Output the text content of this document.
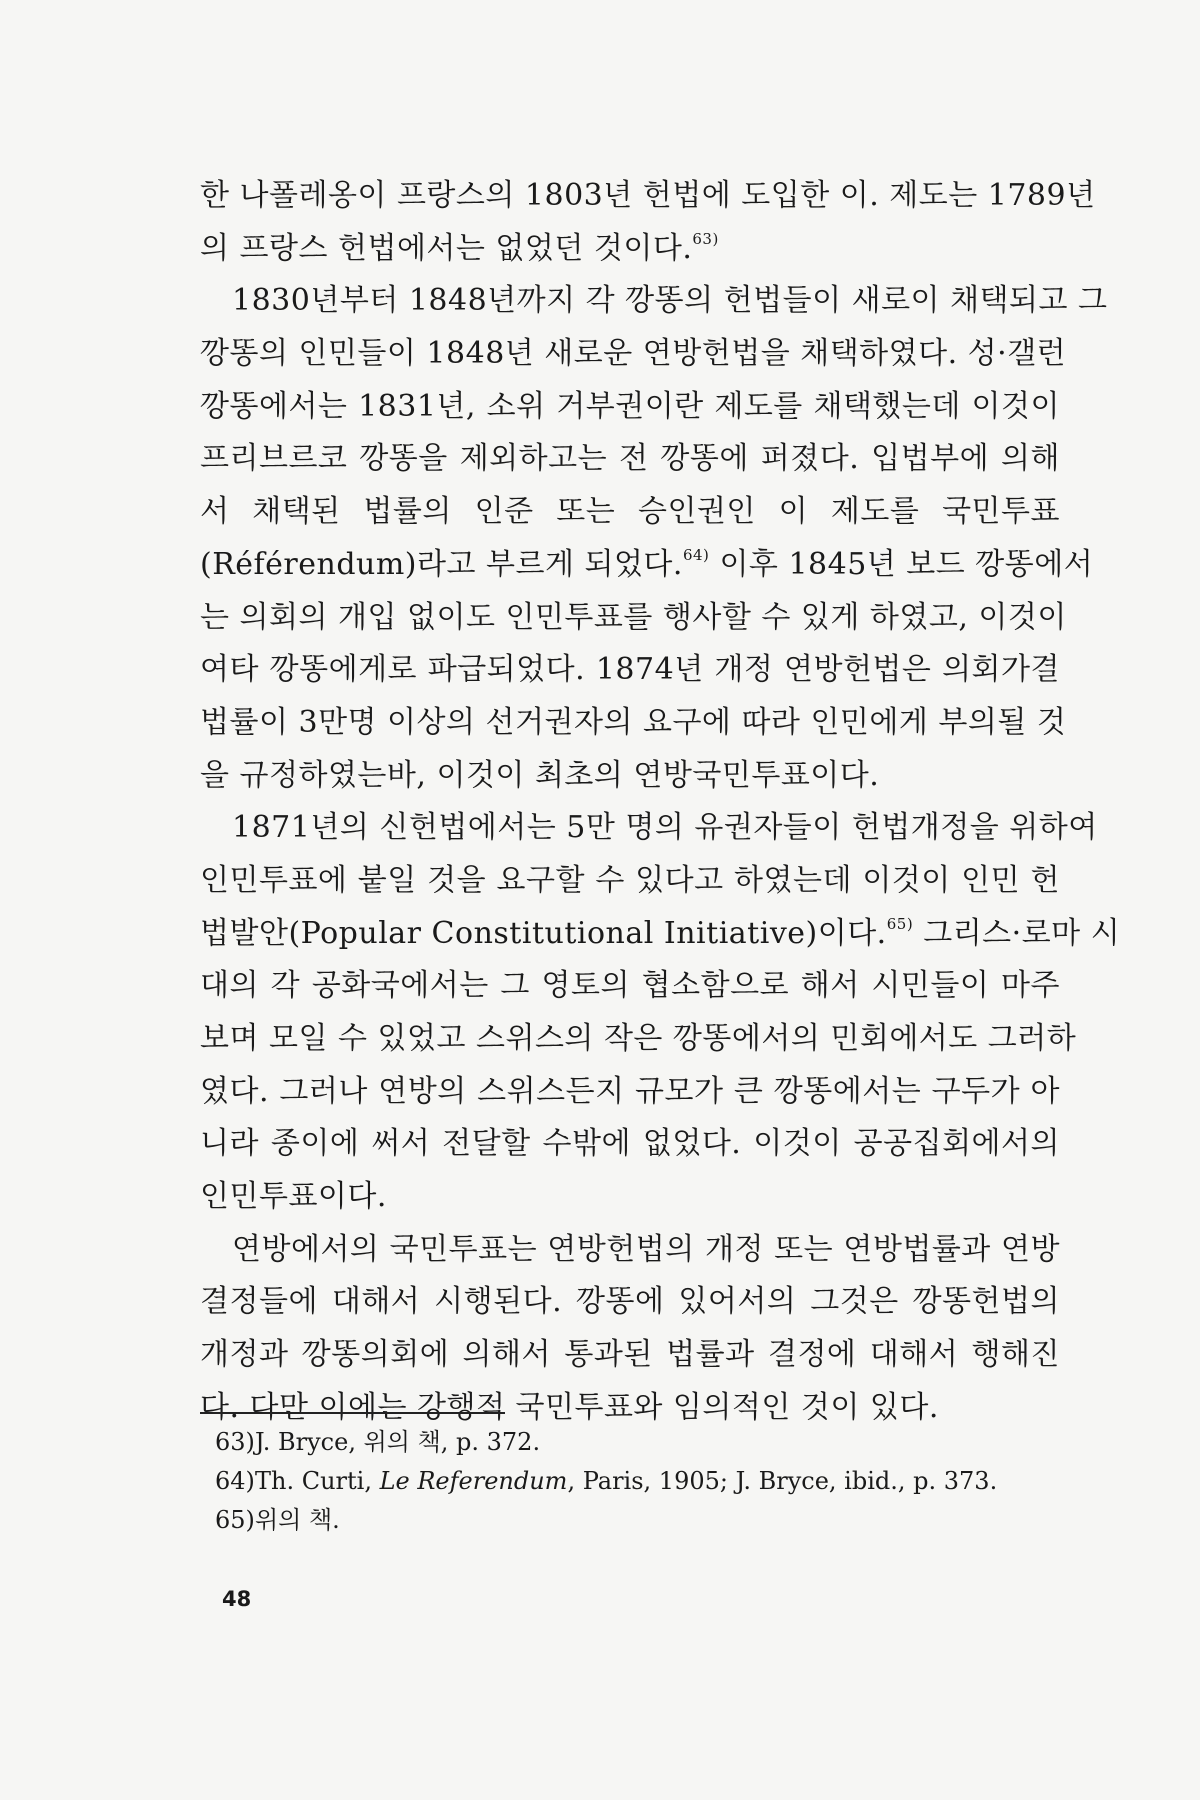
한 나폴레옹이 프랑스의 1803년 헌법에 도입한 이. 제도는 1789년
의 프랑스 헌법에서는 없었던 것이다.$^{63)}$
1830년부터 1848년까지 각 깡똥의 헌법들이 새로이 채택되고 그
깡똥의 인민들이 1848년 새로운 연방헌법을 채택하였다. 성·갤런
깡똥에서는 1831년, 소위 거부권이란 제도를 채택했는데 이것이
프리브르코 깡똥을 제외하고는 전 깡똥에 퍼졌다. 입법부에 의해
서 채택된 법률의 인준 또는 승인권인 이 제도를 국민투표
(Référendum)라고 부르게 되었다.$^{64)}$ 이후 1845년 보드 깡똥에서
는 의회의 개입 없이도 인민투표를 행사할 수 있게 하였고, 이것이
여타 깡똥에게로 파급되었다. 1874년 개정 연방헌법은 의회가결
법률이 3만명 이상의 선거권자의 요구에 따라 인민에게 부의될 것
을 규정하였는바, 이것이 최초의 연방국민투표이다.
1871년의 신헌법에서는 5만 명의 유권자들이 헌법개정을 위하여
인민투표에 붙일 것을 요구할 수 있다고 하였는데 이것이 인민 헌
법발안(Popular Constitutional Initiative)이다.$^{65)}$ 그리스·로마 시
대의 각 공화국에서는 그 영토의 협소함으로 해서 시민들이 마주
보며 모일 수 있었고 스위스의 작은 깡똥에서의 민회에서도 그러하
였다. 그러나 연방의 스위스든지 규모가 큰 깡똥에서는 구두가 아
니라 종이에 써서 전달할 수밖에 없었다. 이것이 공공집회에서의
인민투표이다.
연방에서의 국민투표는 연방헌법의 개정 또는 연방법률과 연방
결정들에 대해서 시행된다. 깡똥에 있어서의 그것은 깡똥헌법의
개정과 깡똥의회에 의해서 통과된 법률과 결정에 대해서 행해진
다. 다만 이에는 강행적 국민투표와 임의적인 것이 있다.
63)J. Bryce, 위의 책, p. 372.
64)Th. Curti, Le Referendum, Paris, 1905; J. Bryce, ibid., p. 373.
65)위의 책.
48
